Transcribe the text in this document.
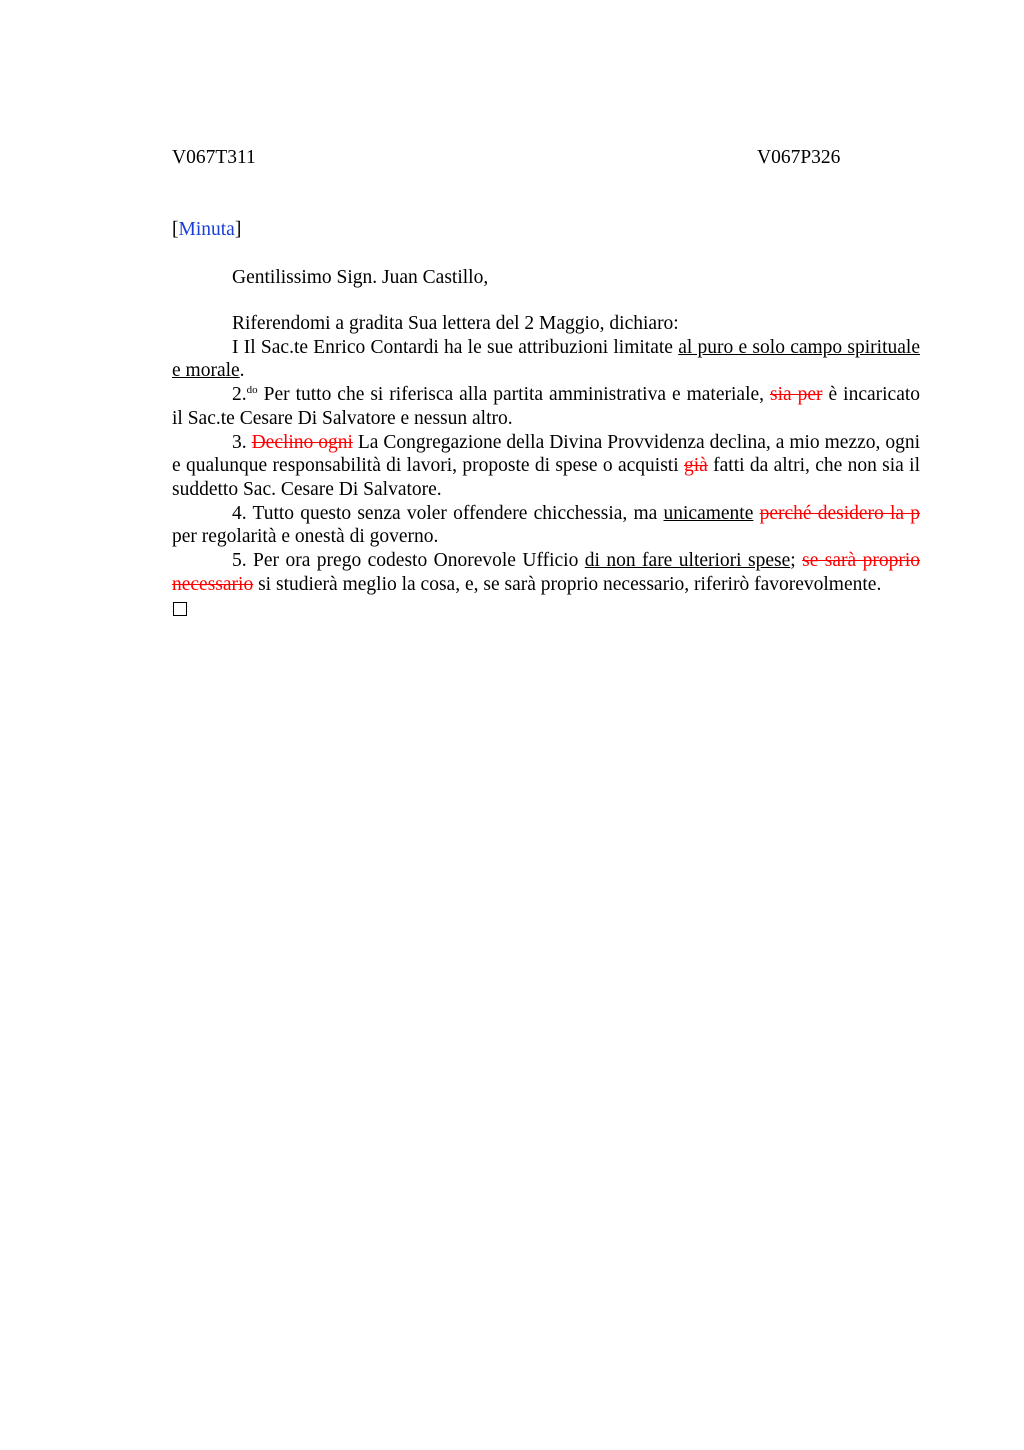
V067T311	V067P326
[Minuta]
Gentilissimo Sign. Juan Castillo,

Riferendomi a gradita Sua lettera del 2 Maggio, dichiaro:

I Il Sac.te Enrico Contardi ha le sue attribuzioni limitate al puro e solo campo spirituale e morale.

2.$^{do}$ Per tutto che si riferisca alla partita amministrativa e materiale, sia per è incaricato il Sac.te Cesare Di Salvatore e nessun altro.

3. Declino ogni La Congregazione della Divina Provvidenza declina, a mio mezzo, ogni e qualunque responsabilità di lavori, proposte di spese o acquisti già fatti da altri, che non sia il suddetto Sac. Cesare Di Salvatore.

4. Tutto questo senza voler offendere chicchessia, ma unicamente perché desidero la p per regolarità e onestà di governo.

5. Per ora prego codesto Onorevole Ufficio di non fare ulteriori spese; se sarà proprio necessario si studierà meglio la cosa, e, se sarà proprio necessario, riferirò favorevolmente.
